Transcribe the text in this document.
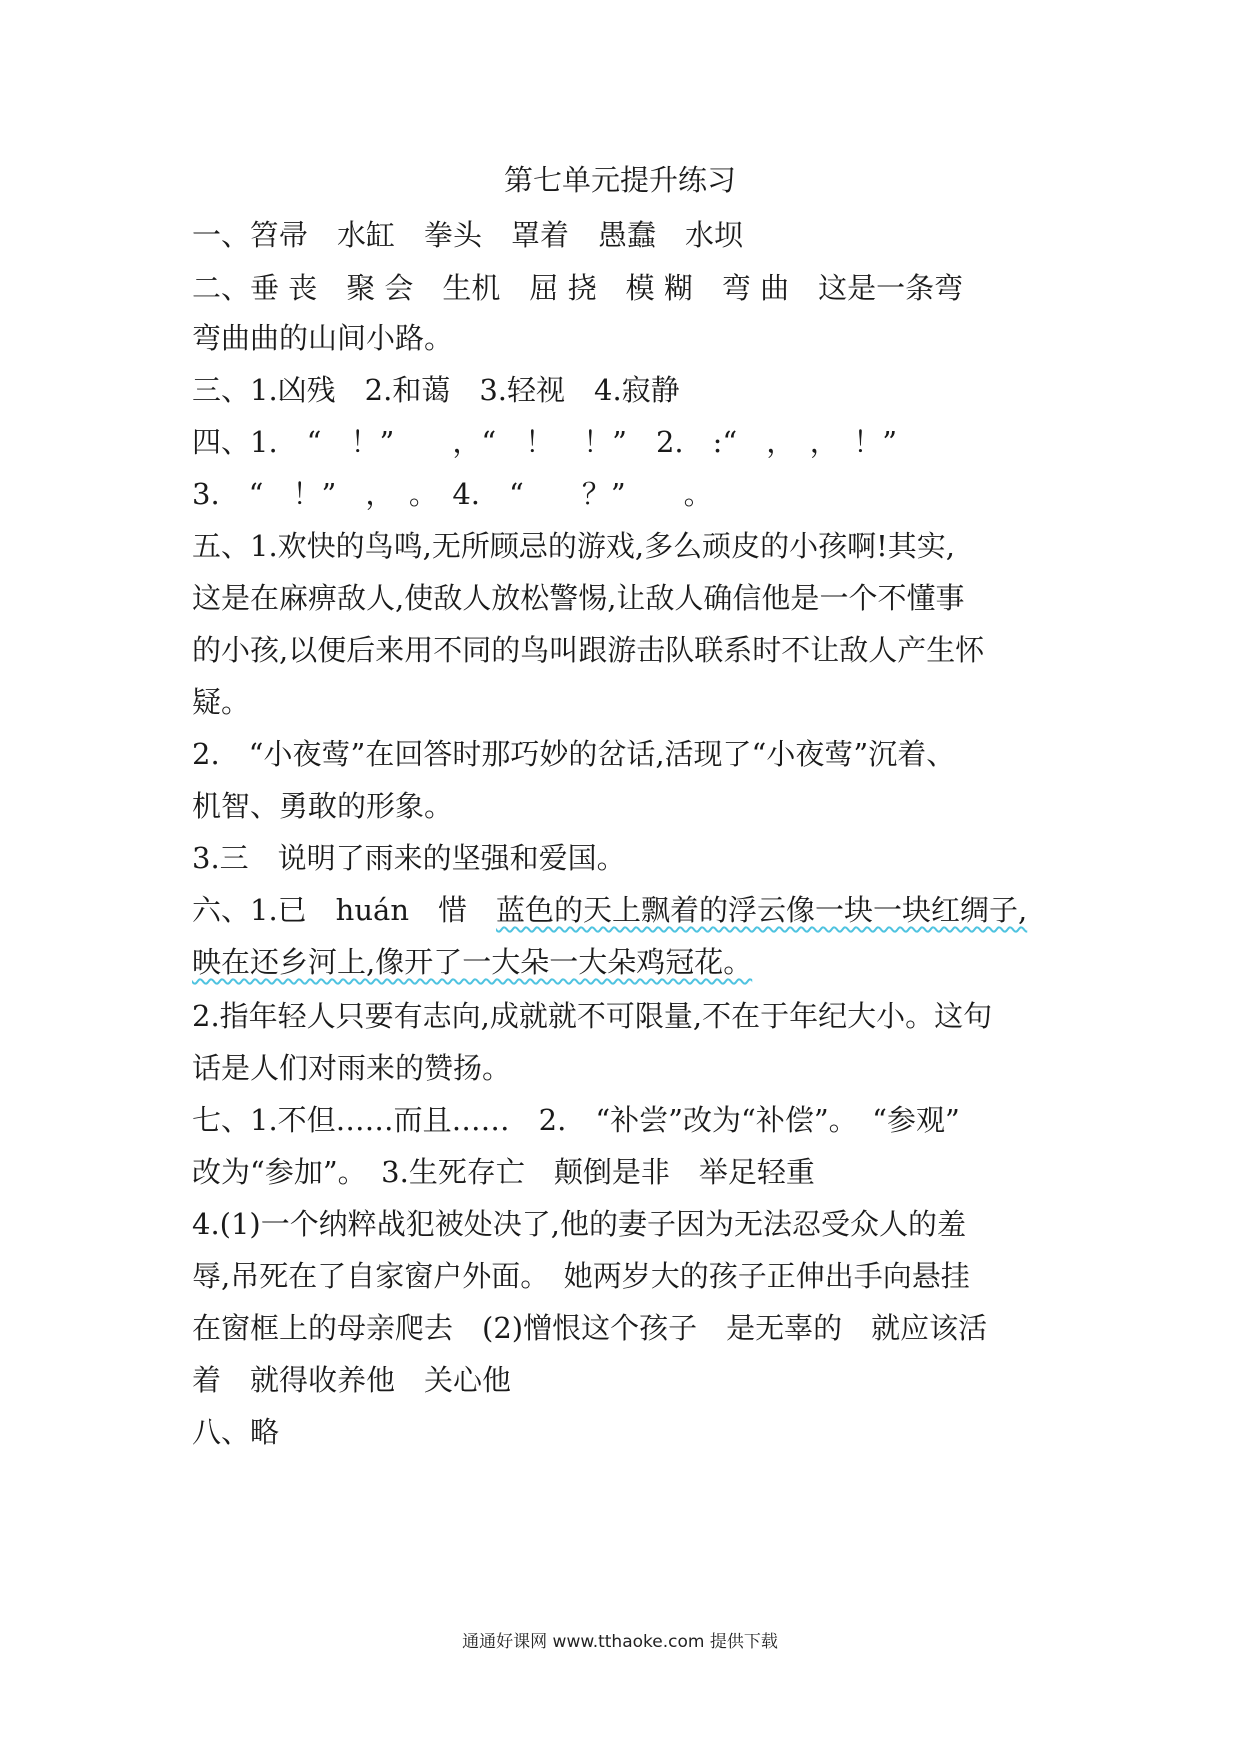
第七单元提升练习
一、笤帚　水缸　拳头　罩着　愚蠢　水坝
二、垂 丧　聚 会　生机　屈 挠　模 糊　弯 曲　这是一条弯
弯曲曲的山间小路。
三、1.凶残　2.和蔼　3.轻视　4.寂静
四、1.　“　！”　　，“　！　！”　2.　:“　，　，　！”
3.　“　！”　，　。　4.　“　　？”　　。
五、1.欢快的鸟鸣,无所顾忌的游戏,多么顽皮的小孩啊!其实,
这是在麻痹敌人,使敌人放松警惕,让敌人确信他是一个不懂事
的小孩,以便后来用不同的鸟叫跟游击队联系时不让敌人产生怀
疑。
2.　“小夜莺”在回答时那巧妙的岔话,活现了“小夜莺”沉着、
机智、勇敢的形象。
3.三　说明了雨来的坚强和爱国。
六、1.已　huán　惜　蓝色的天上飘着的浮云像一块一块红绸子,
映在还乡河上,像开了一大朵一大朵鸡冠花。
2.指年轻人只要有志向,成就就不可限量,不在于年纪大小。这句
话是人们对雨来的赞扬。
七、1.不但……而且……　2.　“补尝”改为“补偿”。　“参观”
改为“参加”。　3.生死存亡　颠倒是非　举足轻重
4.(1)一个纳粹战犯被处决了,他的妻子因为无法忍受众人的羞
辱,吊死在了自家窗户外面。　她两岁大的孩子正伸出手向悬挂
在窗框上的母亲爬去　(2)憎恨这个孩子　是无辜的　就应该活
着　就得收养他　关心他
八、略
通通好课网 www.tthaoke.com 提供下载
